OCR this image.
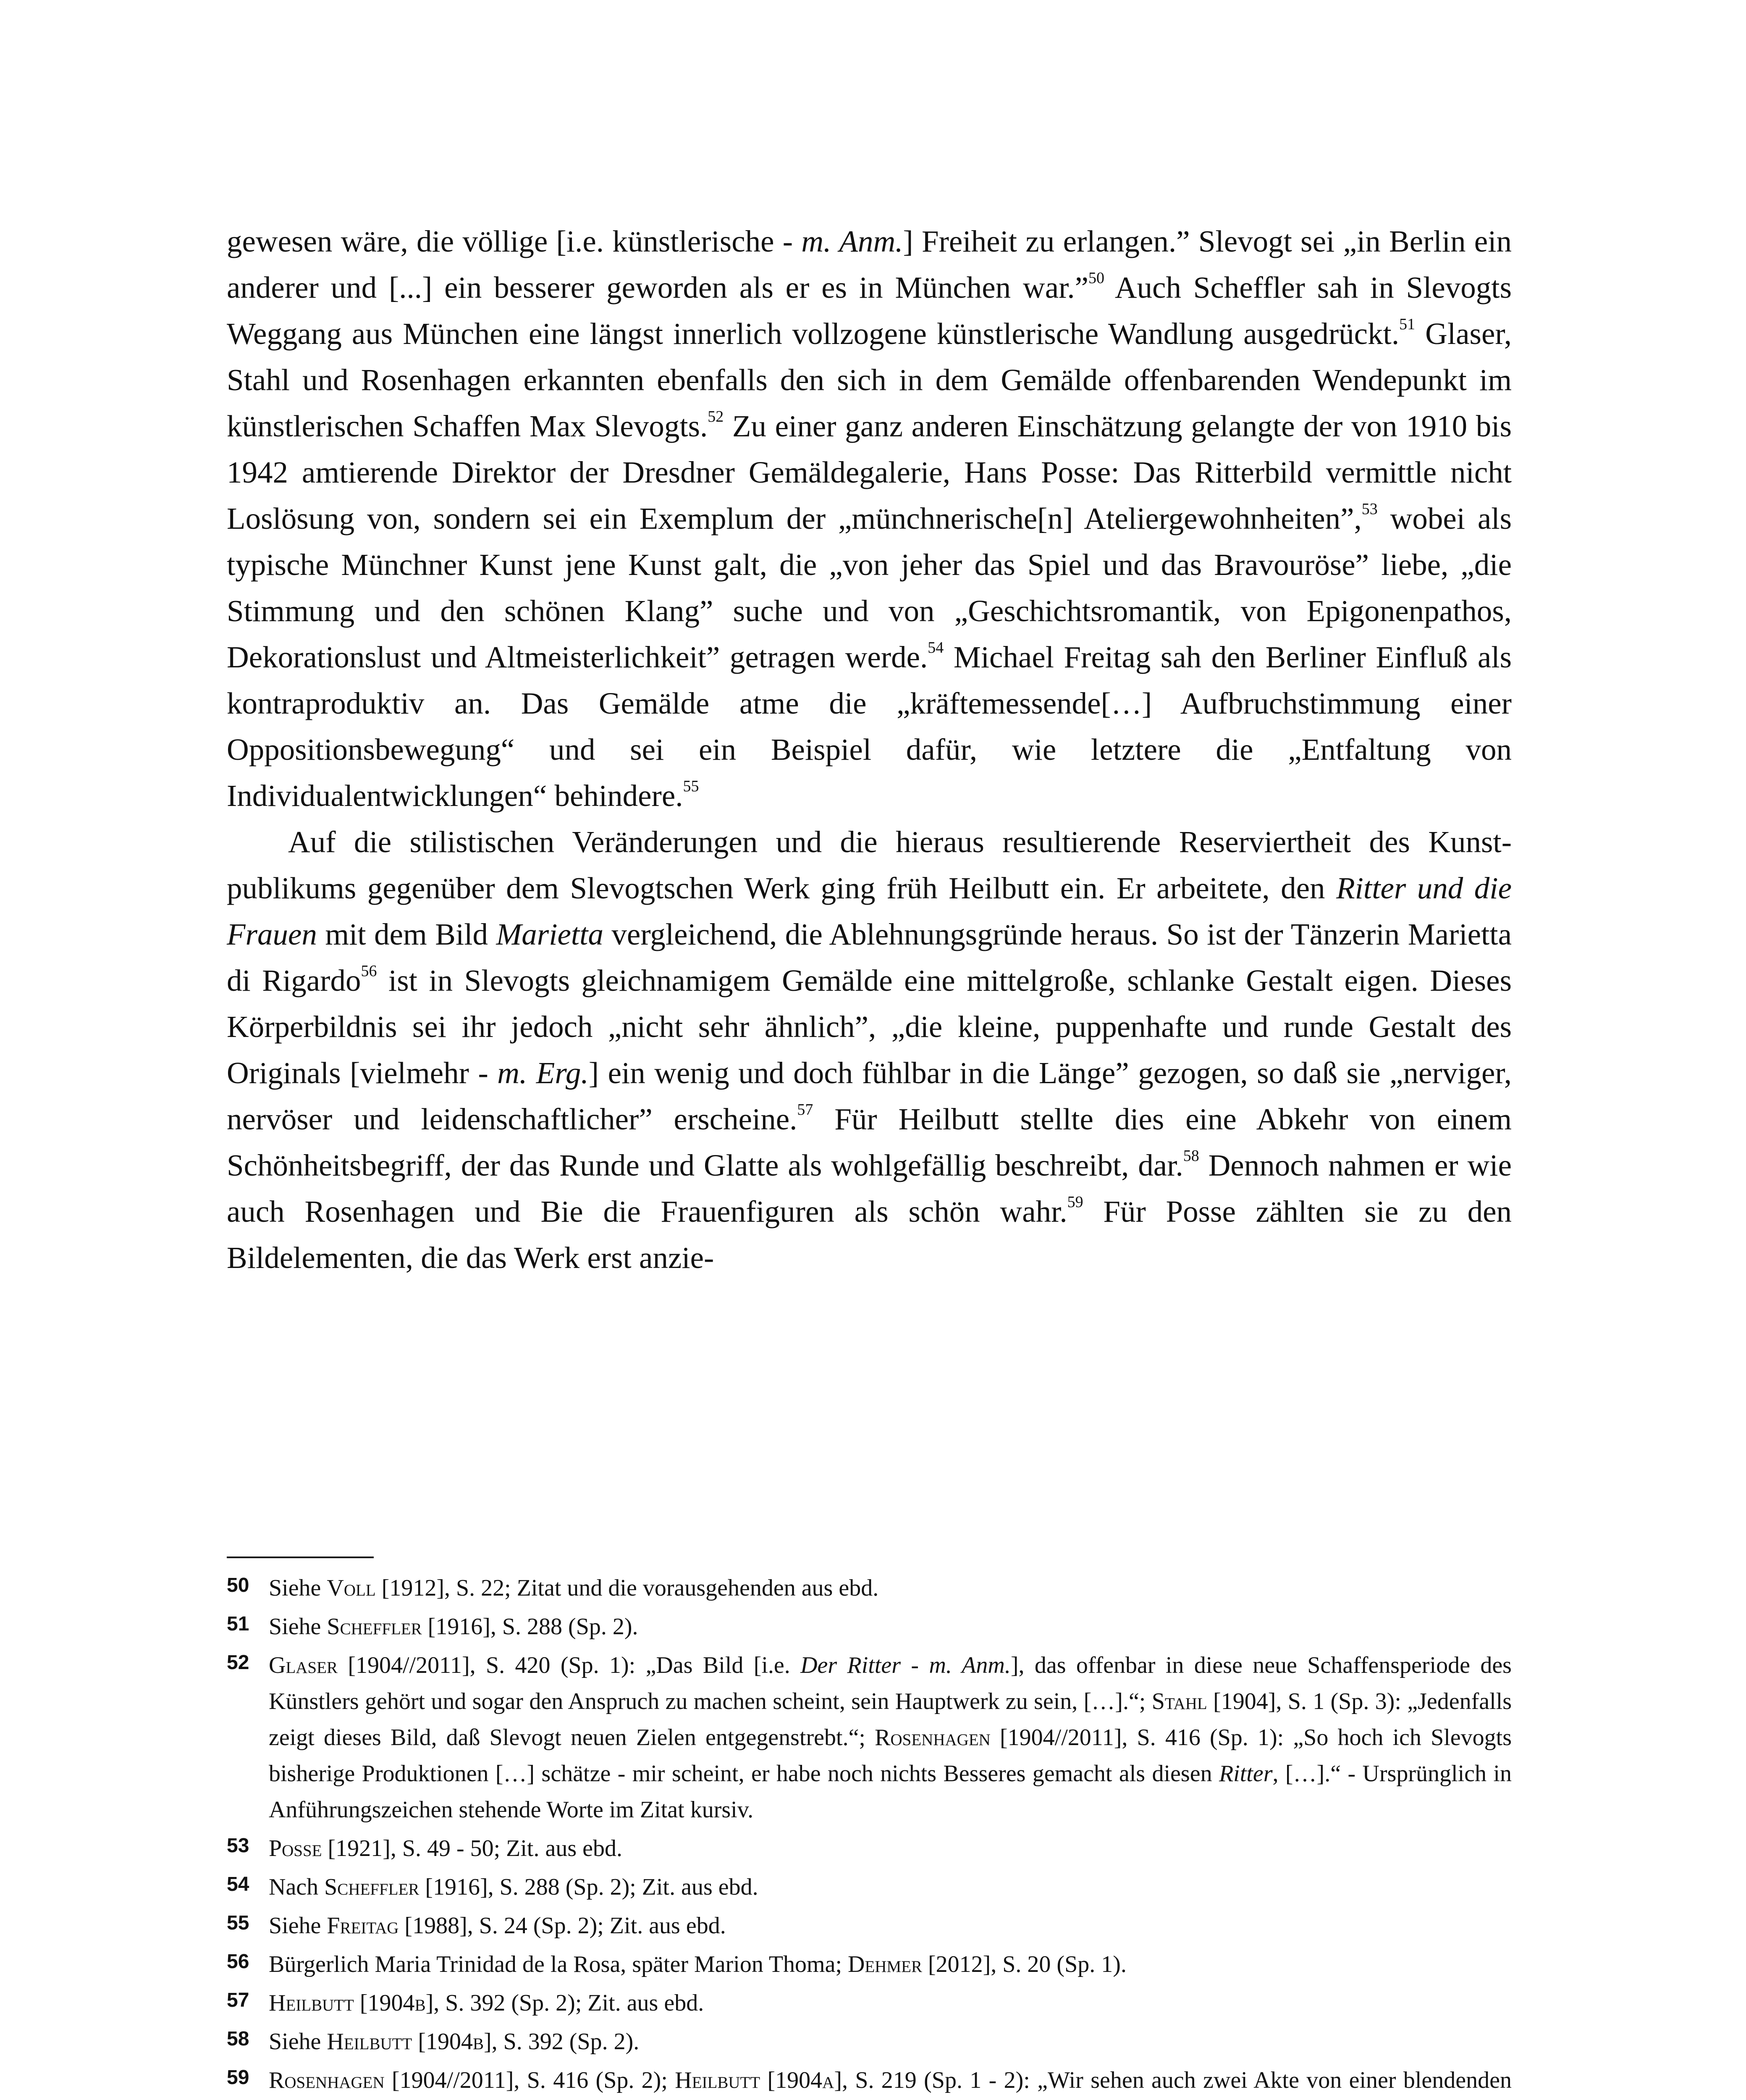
gewesen wäre, die völlige [i.e. künstlerische - m. Anm.] Freiheit zu erlangen.” Slevogt sei „in Berlin ein anderer und [...] ein besserer geworden als er es in München war.”$^{50}$ Auch Scheffler sah in Slevogts Weggang aus München eine längst innerlich vollzogene künstlerische Wandlung ausgedrückt.$^{51}$ Glaser, Stahl und Rosenhagen erkannten ebenfalls den sich in dem Gemälde offenbarenden Wendepunkt im künstlerischen Schaffen Max Slevogts.$^{52}$ Zu einer ganz anderen Einschätzung gelangte der von 1910 bis 1942 amtierende Direktor der Dresdner Gemäldegalerie, Hans Posse: Das Ritterbild vermittle nicht Loslösung von, sondern sei ein Exemplum der „münchnerische[n] Ateliergewohnheiten”,$^{53}$ wobei als typische Münchner Kunst jene Kunst galt, die „von jeher das Spiel und das Bravouröse” liebe, „die Stimmung und den schönen Klang” suche und von „Geschichtsromantik, von Epigonenpathos, Dekorationslust und Altmeisterlichkeit” getragen werde.$^{54}$ Michael Freitag sah den Berliner Einfluß als kontraproduktiv an. Das Gemälde atme die „kräftemessende[…] Aufbruchstimmung einer Oppositionsbewegung“ und sei ein Beispiel dafür, wie letztere die „Entfaltung von Individualentwicklungen“ behindere.$^{55}$

Auf die stilistischen Veränderungen und die hieraus resultierende Reserviertheit des Kunstpublikums gegenüber dem Slevogtschen Werk ging früh Heilbutt ein. Er arbeitete, den Ritter und die Frauen mit dem Bild Marietta vergleichend, die Ablehnungsgründe heraus. So ist der Tänzerin Marietta di Rigardo$^{56}$ ist in Slevogts gleichnamigem Gemälde eine mittelgroße, schlanke Gestalt eigen. Dieses Körperbildnis sei ihr jedoch „nicht sehr ähnlich”, „die kleine, puppenhafte und runde Gestalt des Originals [vielmehr - m. Erg.] ein wenig und doch fühlbar in die Länge” gezogen, so daß sie „nerviger, nervöser und leidenschaftlicher” erscheine.$^{57}$ Für Heilbutt stellte dies eine Abkehr von einem Schönheitsbegriff, der das Runde und Glatte als wohlgefällig beschreibt, dar.$^{58}$ Dennoch nahmen er wie auch Rosenhagen und Bie die Frauenfiguren als schön wahr.$^{59}$ Für Posse zählten sie zu den Bildelementen, die das Werk erst anzie-

50 Siehe Voll [1912], S. 22; Zitat und die vorausgehenden aus ebd.
51 Siehe Scheffler [1916], S. 288 (Sp. 2).
52 Glaser [1904//2011], S. 420 (Sp. 1): „Das Bild [i.e. Der Ritter - m. Anm.], das offenbar in diese neue Schaffensperiode des Künstlers gehört und sogar den Anspruch zu machen scheint, sein Hauptwerk zu sein, […].“; Stahl [1904], S. 1 (Sp. 3): „Jedenfalls zeigt dieses Bild, daß Slevogt neuen Zielen entgegenstrebt.“; Rosenhagen [1904//2011], S. 416 (Sp. 1): „So hoch ich Slevogts bisherige Produktionen […] schätze - mir scheint, er habe noch nichts Besseres gemacht als diesen Ritter, […].“ - Ursprünglich in Anführungszeichen stehende Worte im Zitat kursiv.
53 Posse [1921], S. 49 - 50; Zit. aus ebd.
54 Nach Scheffler [1916], S. 288 (Sp. 2); Zit. aus ebd.
55 Siehe Freitag [1988], S. 24 (Sp. 2); Zit. aus ebd.
56 Bürgerlich Maria Trinidad de la Rosa, später Marion Thoma; Dehmer [2012], S. 20 (Sp. 1).
57 Heilbutt [1904b], S. 392 (Sp. 2); Zit. aus ebd.
58 Siehe Heilbutt [1904b], S. 392 (Sp. 2).
59 Rosenhagen [1904//2011], S. 416 (Sp. 2); Heilbutt [1904a], S. 219 (Sp. 1 - 2): „Wir sehen auch zwei Akte von einer blendenden
